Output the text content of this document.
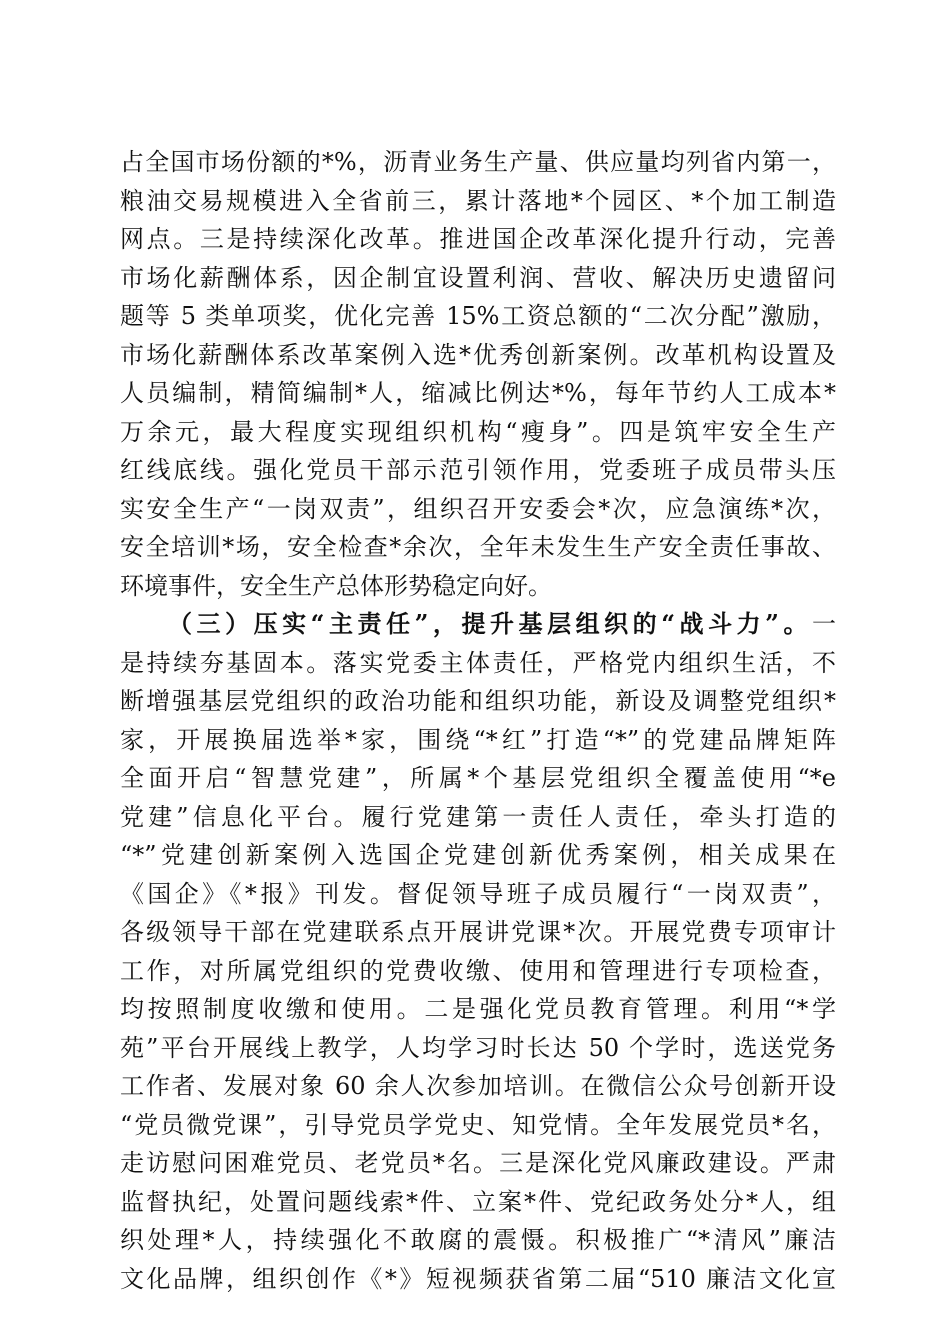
占全国市场份额的*%，沥青业务生产量、供应量均列省内第一，
粮油交易规模进入全省前三，累计落地*个园区、*个加工制造
网点。三是持续深化改革。推进国企改革深化提升行动，完善
市场化薪酬体系，因企制宜设置利润、营收、解决历史遗留问
题等 5 类单项奖，优化完善 15%工资总额的“二次分配”激励，
市场化薪酬体系改革案例入选*优秀创新案例。改革机构设置及
人员编制，精简编制*人，缩减比例达*%，每年节约人工成本*
万余元，最大程度实现组织机构“瘦身”。四是筑牢安全生产
红线底线。强化党员干部示范引领作用，党委班子成员带头压
实安全生产“一岗双责”，组织召开安委会*次，应急演练*次，
安全培训*场，安全检查*余次，全年未发生生产安全责任事故、
环境事件，安全生产总体形势稳定向好。
（三）压实“主责任”，提升基层组织的“战斗力”。一
是持续夯基固本。落实党委主体责任，严格党内组织生活，不
断增强基层党组织的政治功能和组织功能，新设及调整党组织*
家，开展换届选举*家，围绕“*红”打造“*”的党建品牌矩阵
全面开启“智慧党建”，所属*个基层党组织全覆盖使用“*e
党建”信息化平台。履行党建第一责任人责任，牵头打造的
“*”党建创新案例入选国企党建创新优秀案例，相关成果在
《国企》《*报》刊发。督促领导班子成员履行“一岗双责”，
各级领导干部在党建联系点开展讲党课*次。开展党费专项审计
工作，对所属党组织的党费收缴、使用和管理进行专项检查，
均按照制度收缴和使用。二是强化党员教育管理。利用“*学
苑”平台开展线上教学，人均学习时长达 50 个学时，选送党务
工作者、发展对象 60 余人次参加培训。在微信公众号创新开设
“党员微党课”，引导党员学党史、知党情。全年发展党员*名，
走访慰问困难党员、老党员*名。三是深化党风廉政建设。严肃
监督执纪，处置问题线索*件、立案*件、党纪政务处分*人，组
织处理*人，持续强化不敢腐的震慑。积极推广“*清风”廉洁
文化品牌，组织创作《*》短视频获省第二届“510 廉洁文化宣
